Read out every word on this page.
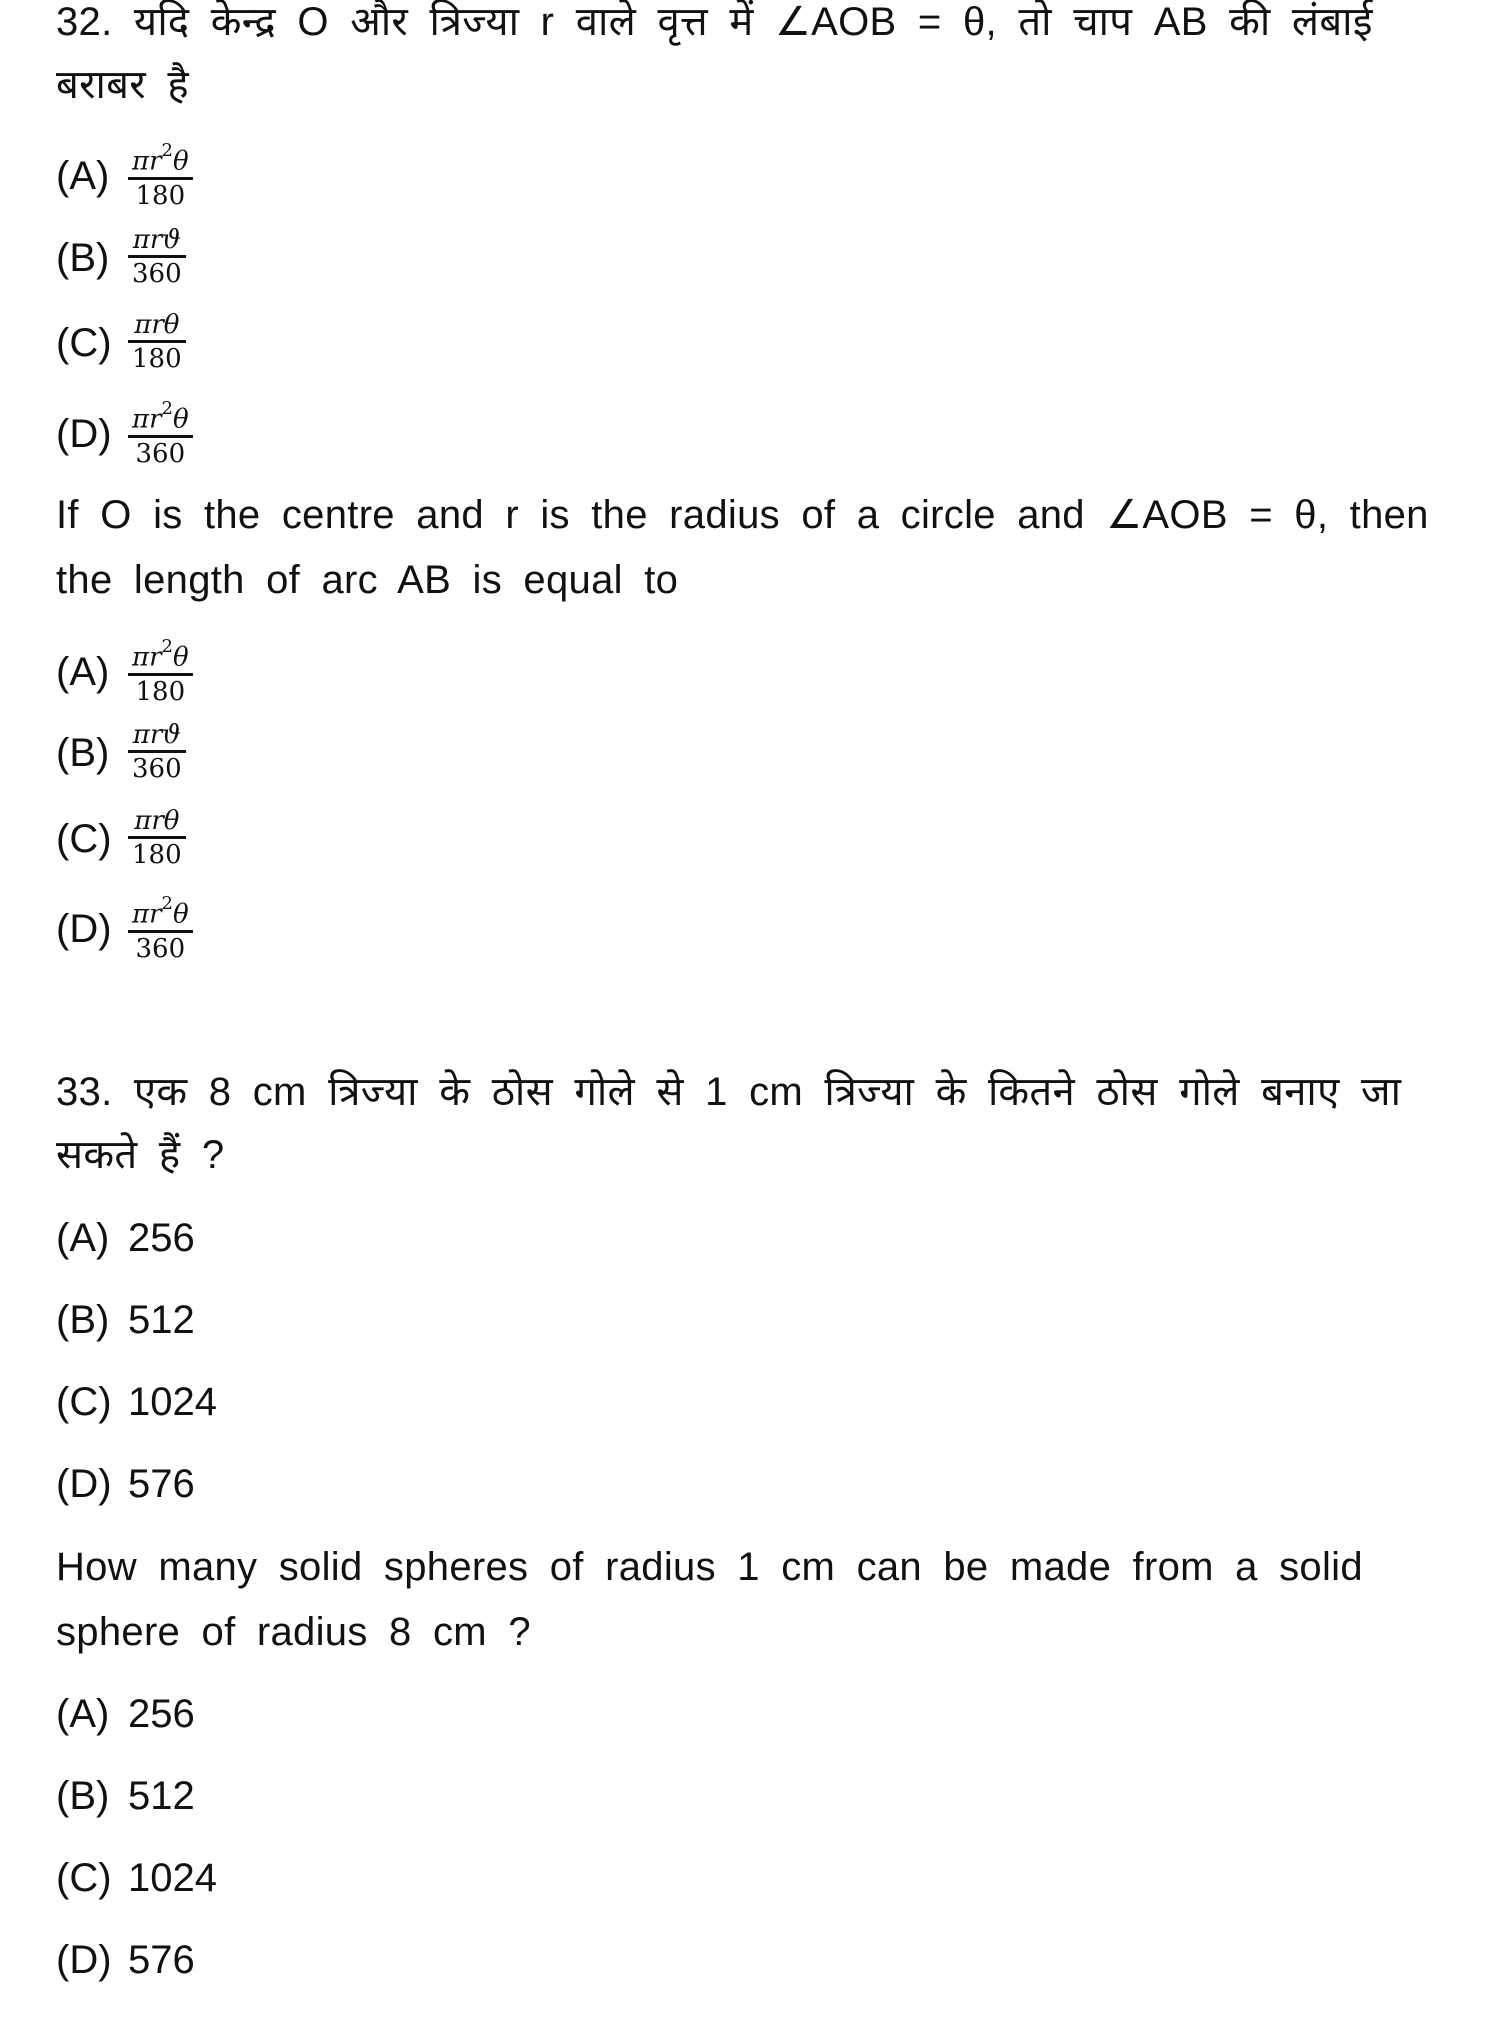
32. यदि केन्द्र O और त्रिज्या r वाले वृत्त में ∠AOB = θ, तो चाप AB की लंबाई
बराबर है
$(A) \frac{\pi r^2\theta}{180}$
$(B) \frac{\text{πrϑ}}{360}$
$(C) \frac{\text{πrθ}}{180}$
$(D) \frac{\pi r^2\theta}{360}$
If O is the centre and r is the radius of a circle and ∠AOB = θ, then
the length of arc AB is equal to
$(A) \frac{\pi r^2\theta}{180}$
$(B) \frac{\text{πrϑ}}{360}$
$(C) \frac{\text{πrθ}}{180}$
$(D) \frac{\pi r^2\theta}{360}$
33. एक 8 cm त्रिज्या के ठोस गोले से 1 cm त्रिज्या के कितने ठोस गोले बनाए जा
सकते हैं ?
(A) 256
(B) 512
(C) 1024
(D) 576
How many solid spheres of radius 1 cm can be made from a solid
sphere of radius 8 cm ?
(A) 256
(B) 512
(C) 1024
(D) 576
